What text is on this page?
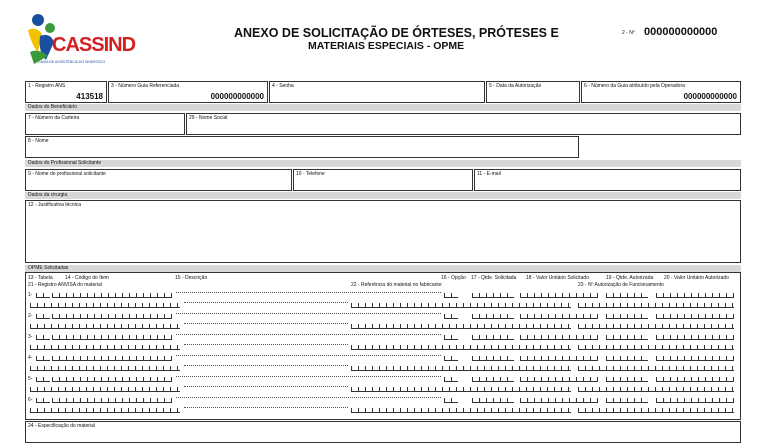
CASSIND
CAIXA DE ASSISTÊNCIA DO SINDIFISCO
ANEXO DE SOLICITAÇÃO DE ÓRTESES, PRÓTESES E
MATERIAIS ESPECIAIS - OPME
2 - Nº 000000000000
1 - Registro ANS
413518
3 - Número Guia Referenciada
000000000000
4 - Senha	5 - Data da Autorização	6 - Número da Guia atribuído pela Operadora
000000000000
Dados do Beneficiário
7 - Número da Carteira	29 - Nome Social
8 - Nome
Dados do Profissional Solicitante
9 - Nome do profissional solicitante	10 - Telefone	11 - E-mail
Dados da cirurgia
12 - Justificativa técnica
OPME Solicitadas
13 - Tabela 14 - Código do Item	15 - Descrição	16 - Opção 17 - Qtde. Solicitada 18 - Valor Unitário Solicitado	19 - Qtde. Autorizada 20 - Valor Unitário Autorizado
21 - Registro ANVISA do material	22 - Referência do material no fabricante	23 - Nº Autorização de Funcionamento
1-
2-
3-
4-
5-
6-
24 - Especificação do material
